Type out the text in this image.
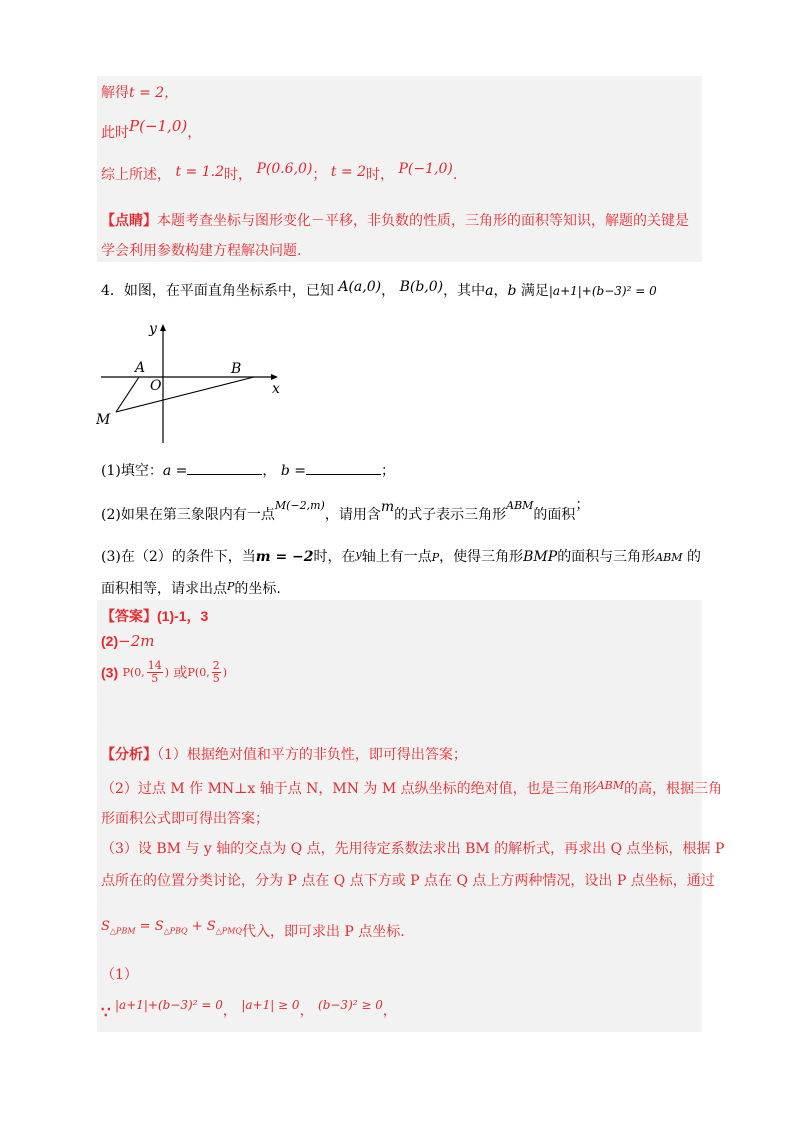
解得t = 2，
此时P(−1,0)，
综上所述， t = 1.2时， P(0.6,0)； t = 2时， P(−1,0).
【点睛】本题考查坐标与图形变化－平移，非负数的性质，三角形的面积等知识，解题的关键是
学会利用参数构建方程解决问题.
4．如图，在平面直角坐标系中，已知 A(a,0)， B(b,0)，其中a，b 满足|a+1|+(b−3)² = 0
y
x
A
O
B
M
(1)填空：a =	， b =	；
(2)如果在第三象限内有一点$^{M(-2,m)}$，请用含m的式子表示三角形$^{ABM}$的面积；
(3)在（2）的条件下，当m = −2时，在$^y$轴上有一点P，使得三角形BMP的面积与三角形ABM 的
面积相等，请求出点$^P$的坐标.
【答案】(1)-1，3
(2)−2m
(3) P(0, $\frac{14}{5}$ ) 或P(0, $\frac{2}{5}$ )
【分析】（1）根据绝对值和平方的非负性，即可得出答案；
（2）过点 M 作 MN⊥x 轴于点 N，MN 为 M 点纵坐标的绝对值，也是三角形$^{ABM}$的高，根据三角
形面积公式即可得出答案；
（3）设 BM 与 y 轴的交点为 Q 点，先用待定系数法求出 BM 的解析式，再求出 Q 点坐标，根据 P
点所在的位置分类讨论，分为 P 点在 Q 点下方或 P 点在 Q 点上方两种情况，设出 P 点坐标，通过
$S_{\triangle PBM} = S_{\triangle PBQ} + S_{\triangle PMQ}$代入，即可求出 P 点坐标.
（1）
∵ |a+1|+(b−3)² = 0， |a+1| ≥ 0， (b−3)² ≥ 0，
